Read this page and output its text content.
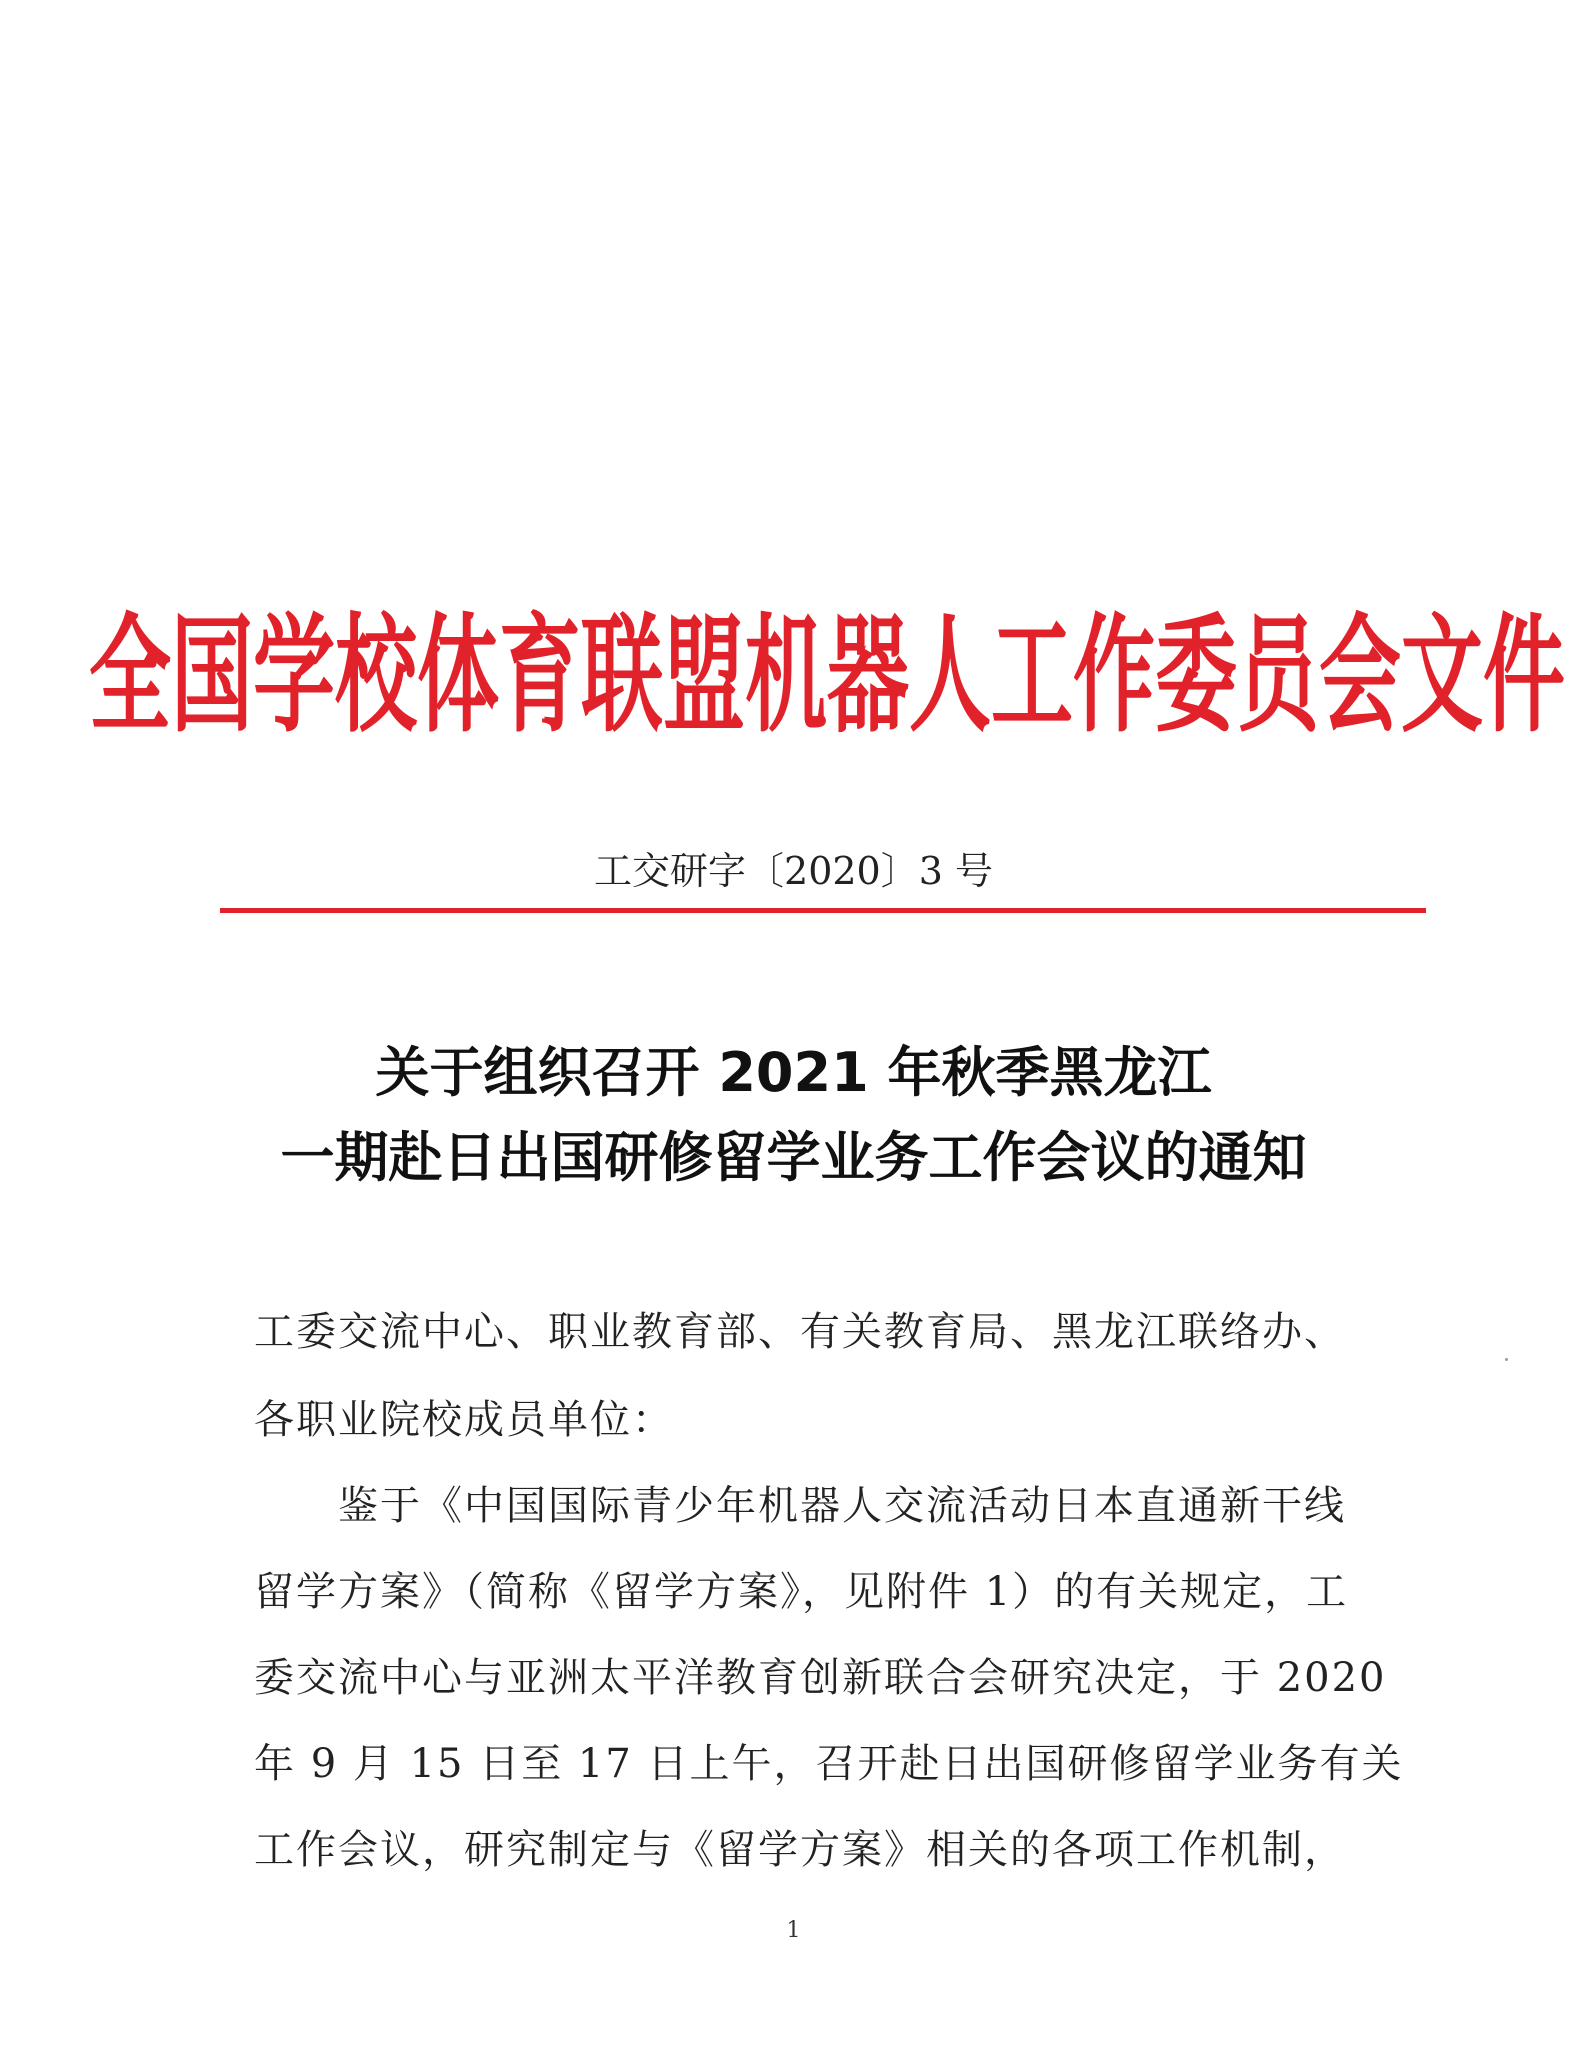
全国学校体育联盟机器人工作委员会文件
工交研字〔2020〕3 号
关于组织召开 2021 年秋季黑龙江
一期赴日出国研修留学业务工作会议的通知
工委交流中心、职业教育部、有关教育局、黑龙江联络办、
各职业院校成员单位：
　　鉴于《中国国际青少年机器人交流活动日本直通新干线
留学方案》（简称《留学方案》，见附件 1）的有关规定，工
委交流中心与亚洲太平洋教育创新联合会研究决定，于 2020
年 9 月 15 日至 17 日上午，召开赴日出国研修留学业务有关
工作会议，研究制定与《留学方案》相关的各项工作机制，
1
